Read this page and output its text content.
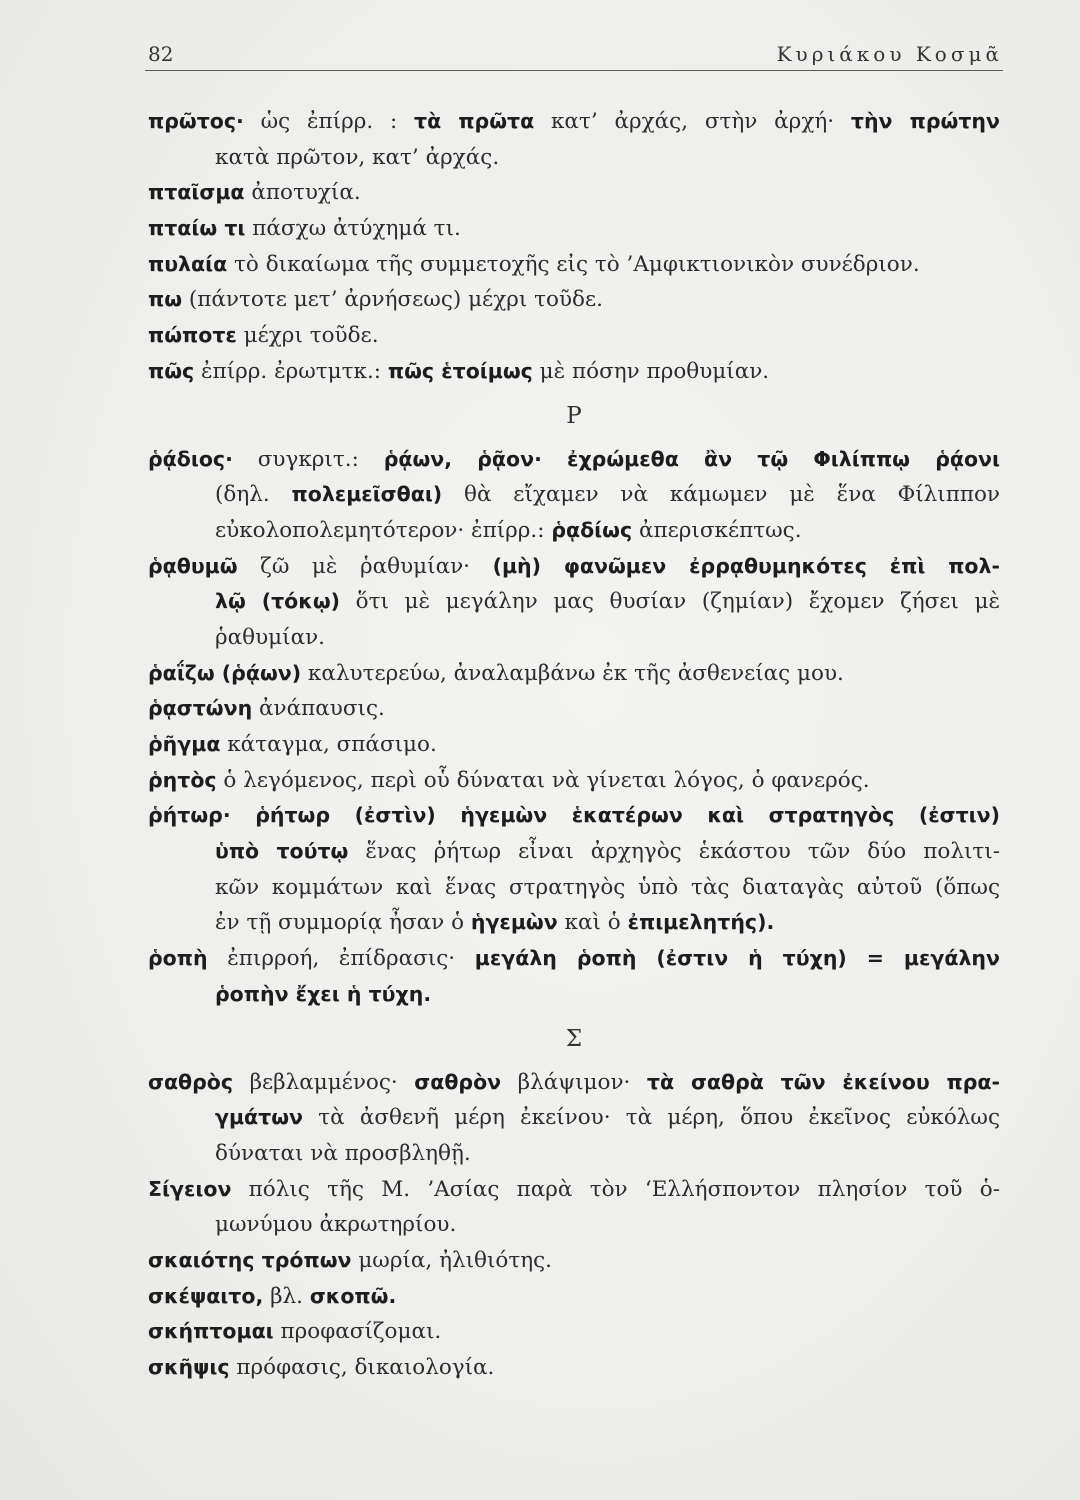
82	Κυριάκου Κοσμᾶ
πρῶτος· ὡς ἐπίρρ. : τὰ πρῶτα κατ’ ἀρχάς, στὴν ἀρχή· τὴν πρώτην
κατὰ πρῶτον, κατ’ ἀρχάς.
πταῖσμα ἀποτυχία.
πταίω τι πάσχω ἀτύχημά τι.
πυλαία τὸ δικαίωμα τῆς συμμετοχῆς εἰς τὸ ’Αμφικτιονικὸν συνέδριον.
πω (πάντοτε μετ’ ἀρνήσεως) μέχρι τοῦδε.
πώποτε μέχρι τοῦδε.
πῶς ἐπίρρ. ἐρωτμτκ.: πῶς ἑτοίμως μὲ πόσην προθυμίαν.
Ρ
ῥᾴδιος· συγκριτ.: ῥᾴων, ῥᾷον· ἐχρώμεθα ἂν τῷ Φιλίππῳ ῥᾴονι
(δηλ. πολεμεῖσθαι) θὰ εἴχαμεν νὰ κάμωμεν μὲ ἕνα Φίλιππον
εὐκολοπολεμητότερον· ἐπίρρ.: ῥᾳδίως ἀπερισκέπτως.
ῥᾳθυμῶ ζῶ μὲ ῥαθυμίαν· (μὴ) φανῶμεν ἐρρᾳθυμηκότες ἐπὶ πολ-
λῷ (τόκῳ) ὅτι μὲ μεγάλην μας θυσίαν (ζημίαν) ἔχομεν ζήσει μὲ
ῥαθυμίαν.
ῥαΐζω (ῥᾴων) καλυτερεύω, ἀναλαμβάνω ἐκ τῆς ἀσθενείας μου.
ῥᾳστώνη ἀνάπαυσις.
ῥῆγμα κάταγμα, σπάσιμο.
ῥητὸς ὁ λεγόμενος, περὶ οὗ δύναται νὰ γίνεται λόγος, ὁ φανερός.
ῥήτωρ· ῥήτωρ (ἐστὶν) ἡγεμὼν ἑκατέρων καὶ στρατηγὸς (ἐστιν)
ὑπὸ τούτῳ ἕνας ῥήτωρ εἶναι ἀρχηγὸς ἑκάστου τῶν δύο πολιτι-
κῶν κομμάτων καὶ ἕνας στρατηγὸς ὑπὸ τὰς διαταγὰς αὐτοῦ (ὅπως
ἐν τῇ συμμορίᾳ ἦσαν ὁ ἡγεμὼν καὶ ὁ ἐπιμελητής).
ῥοπὴ ἐπιρροή, ἐπίδρασις· μεγάλη ῥοπὴ (ἐστιν ἡ τύχη) = μεγάλην
ῥοπὴν ἔχει ἡ τύχη.
Σ
σαθρὸς βεβλαμμένος· σαθρὸν βλάψιμον· τὰ σαθρὰ τῶν ἐκείνου πρα-
γμάτων τὰ ἀσθενῆ μέρη ἐκείνου· τὰ μέρη, ὅπου ἐκεῖνος εὐκόλως
δύναται νὰ προσβληθῇ.
Σίγειον πόλις τῆς Μ. ’Ασίας παρὰ τὸν ‘Ελλήσποντον πλησίον τοῦ ὁ-
μωνύμου ἀκρωτηρίου.
σκαιότης τρόπων μωρία, ἠλιθιότης.
σκέψαιτο, βλ. σκοπῶ.
σκήπτομαι προφασίζομαι.
σκῆψις πρόφασις, δικαιολογία.
